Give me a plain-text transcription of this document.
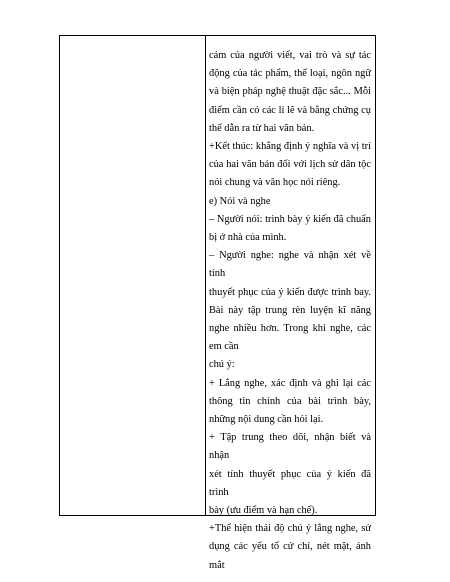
cảm của người viết, vai trò và sự tác
động của tác phẩm, thể loại, ngôn ngữ
và biện pháp nghệ thuật đặc sắc... Mỗi
điểm cần có các lí lẽ và bằng chứng cụ
thể dẫn ra từ hai văn bản.
+Kết thúc: khẳng định ý nghĩa và vị trí
của hai văn bản đối với lịch sử dân tộc
nói chung và văn học nói riêng.
e) Nói và nghe
– Người nói: trình bày ý kiến đã chuẩn
bị ở nhà của mình.
– Người nghe: nghe và nhận xét về tính
thuyết phục của ý kiến được trình bay.
Bài này tập trung rèn luyện kĩ năng
nghe nhiều hơn. Trong khi nghe, các
em cần
chú ý:
+ Lắng nghe, xác định và ghi lại các
thông tin chính của bài trình bày,
những nội dung cần hỏi lại.
+ Tập trung theo dõi, nhận biết và nhận
xét tính thuyết phục của ý kiến đã trình
bày (ưu điểm và hạn chế).
+Thể hiện thái độ chú ý lắng nghe, sử
dụng các yếu tố cử chỉ, nét mặt, ánh
mắt
